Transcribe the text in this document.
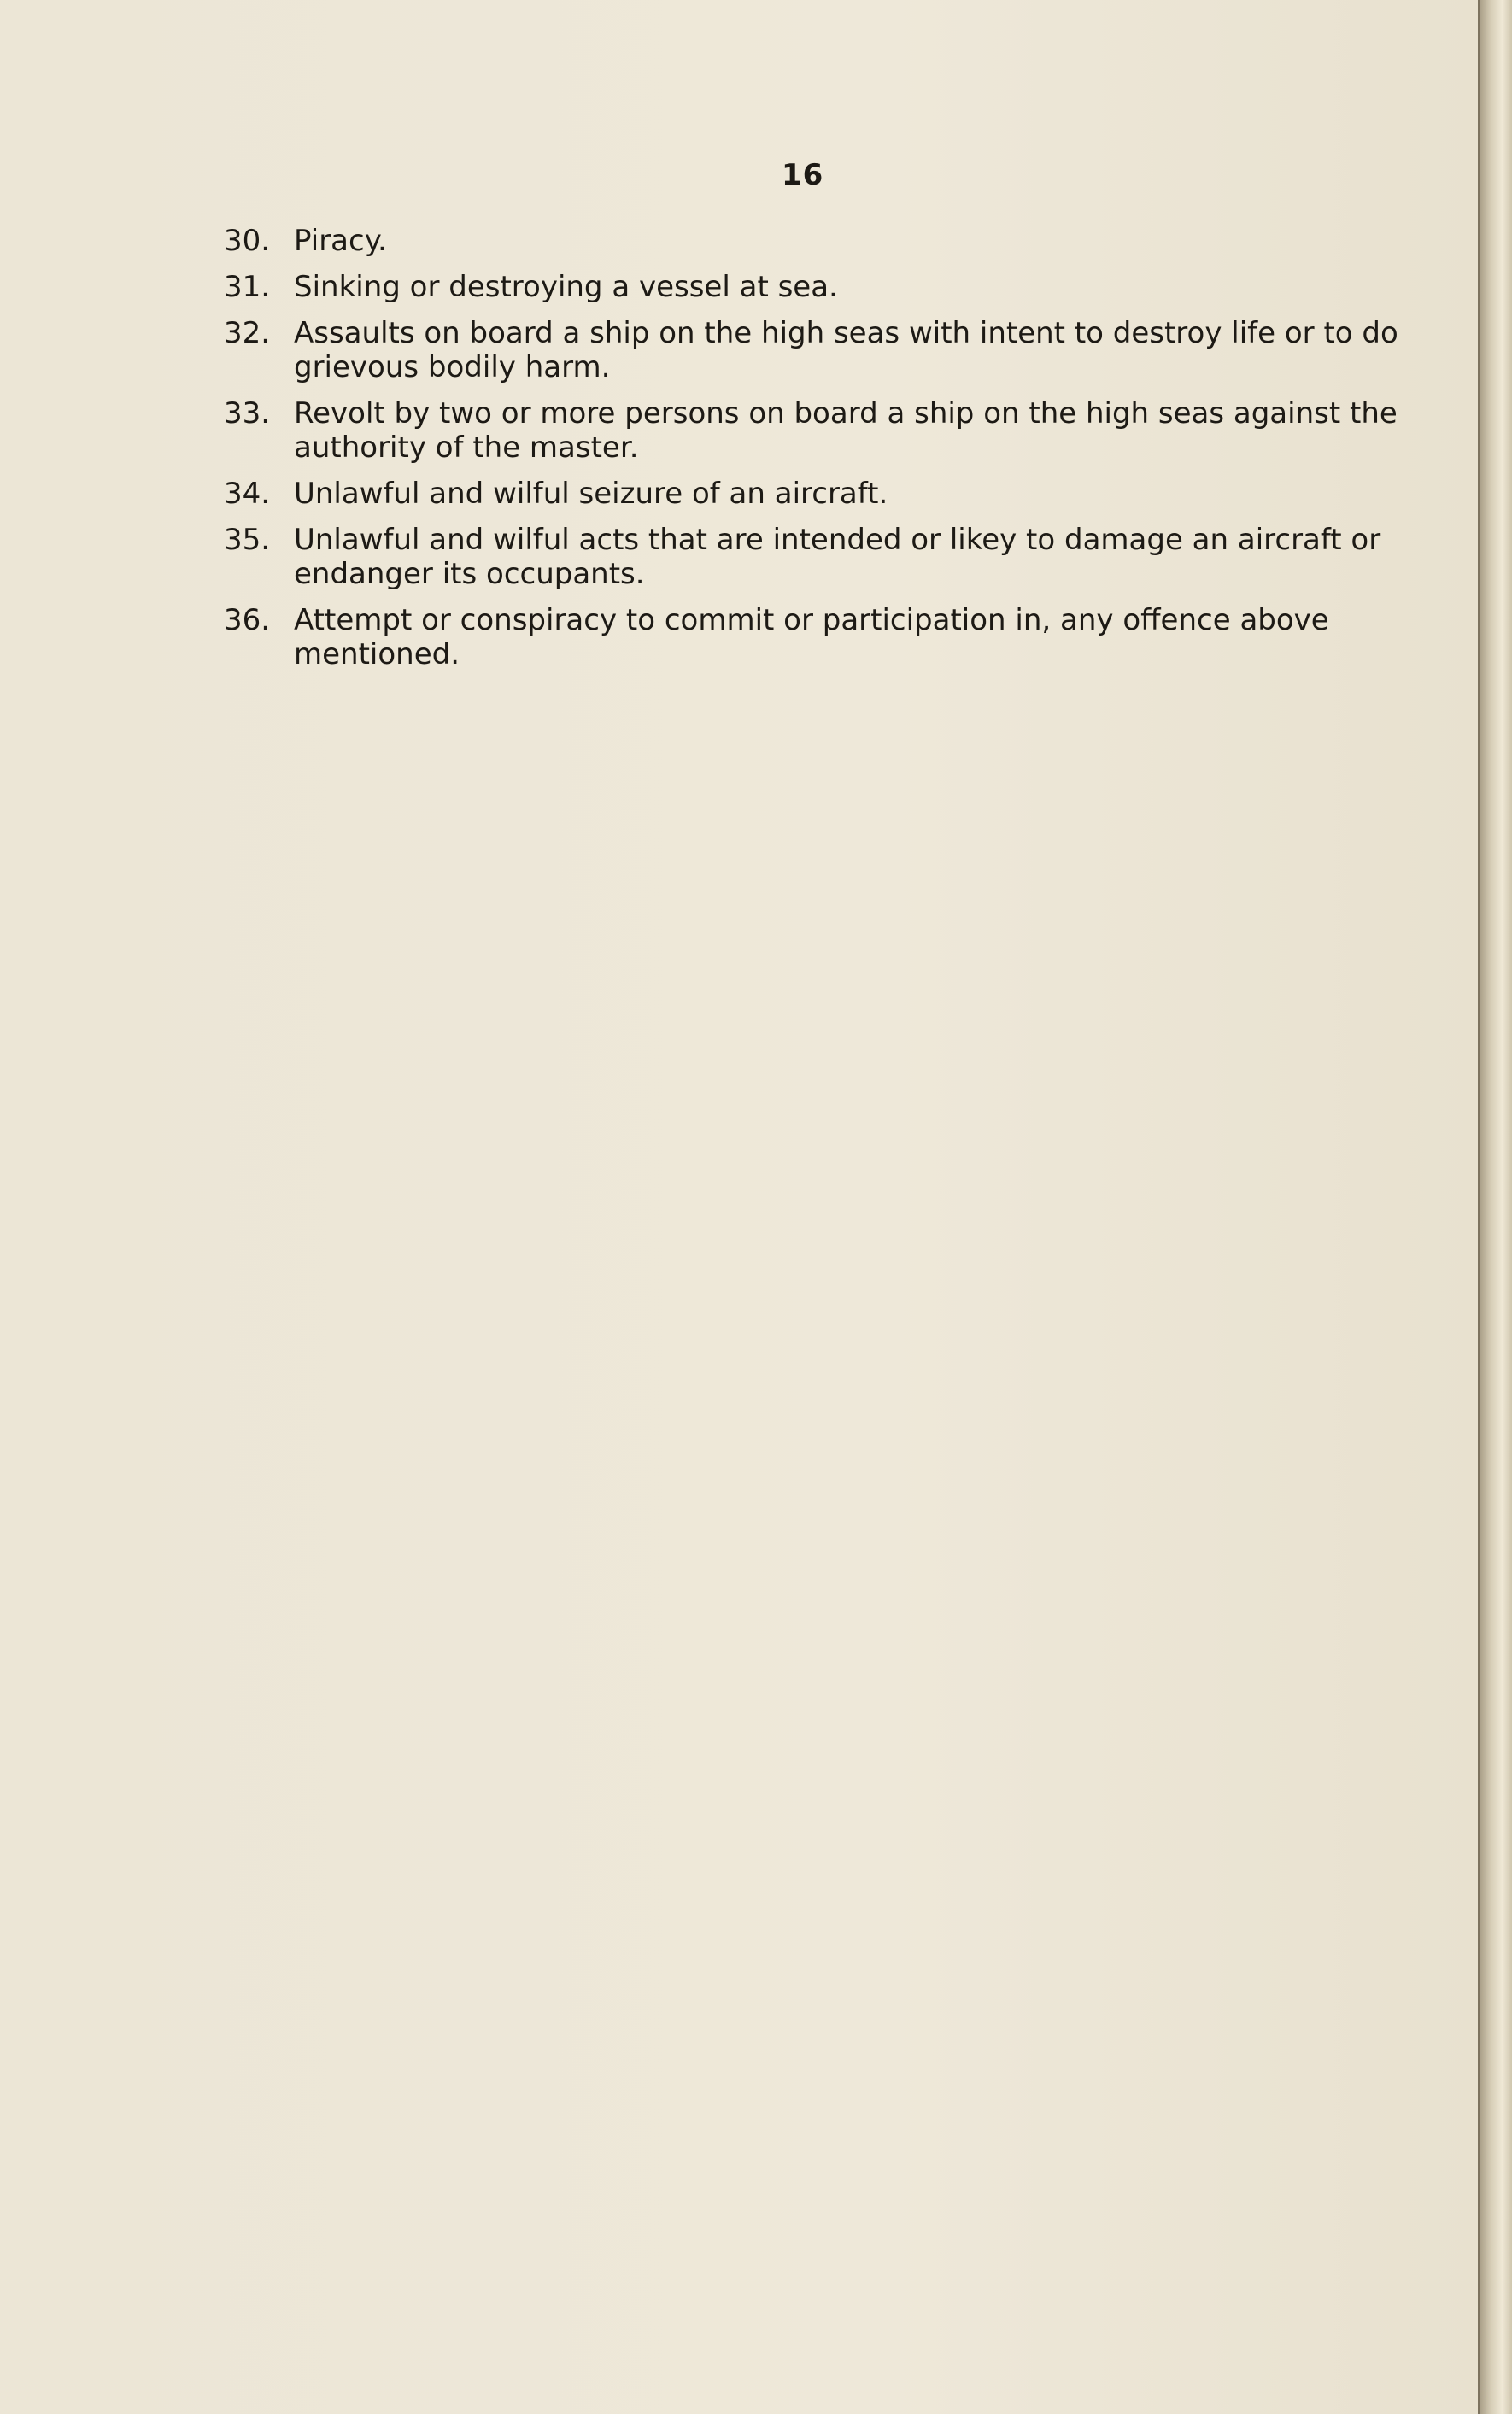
16
30. Piracy.
31. Sinking or destroying a vessel at sea.
32. Assaults on board a ship on the high seas with intent to destroy life or to do grievous bodily harm.
33. Revolt by two or more persons on board a ship on the high seas against the authority of the master.
34. Unlawful and wilful seizure of an aircraft.
35. Unlawful and wilful acts that are intended or likey to damage an aircraft or endanger its occupants.
36. Attempt or conspiracy to commit or participation in, any offence above mentioned.
